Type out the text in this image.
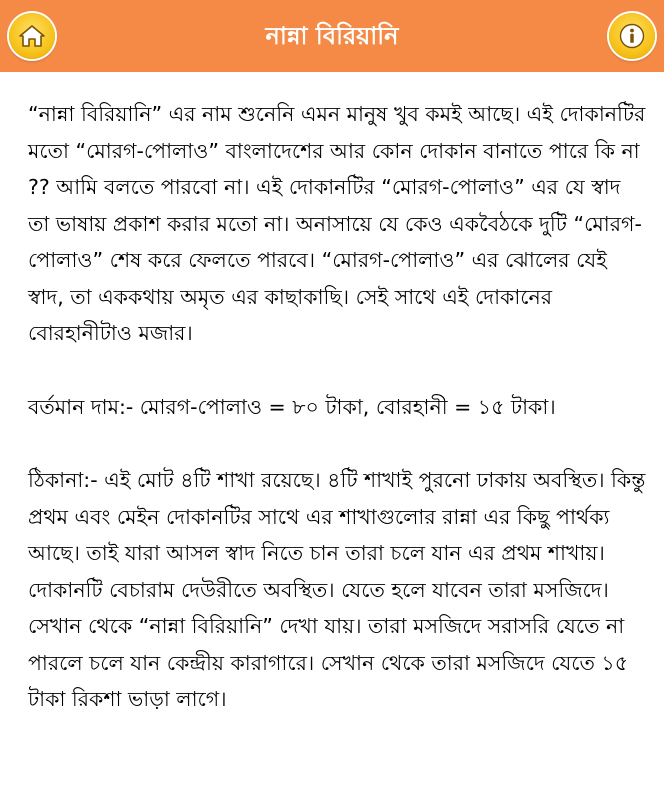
নান্না বিরিয়ানি

“নান্না বিরিয়ানি” এর নাম শুনেনি এমন মানুষ খুব কমই আছে। এই দোকানটির মতো “মোরগ-পোলাও” বাংলাদেশের আর কোন দোকান বানাতে পারে কি না ?? আমি বলতে পারবো না। এই দোকানটির “মোরগ-পোলাও” এর যে স্বাদ তা ভাষায় প্রকাশ করার মতো না। অনাসায়ে যে কেও একবৈঠকে দুটি “মোরগ-পোলাও” শেষ করে ফেলতে পারবে। “মোরগ-পোলাও” এর ঝোলের যেই স্বাদ, তা এককথায় অমৃত এর কাছাকাছি। সেই সাথে এই দোকানের বোরহানীটাও মজার।

বর্তমান দাম:- মোরগ-পোলাও = ৮০ টাকা, বোরহানী = ১৫ টাকা।

ঠিকানা:- এই মোট ৪টি শাখা রয়েছে। ৪টি শাখাই পুরনো ঢাকায় অবস্থিত। কিন্তু প্রথম এবং মেইন দোকানটির সাথে এর শাখাগুলোর রান্না এর কিছু পার্থক্য আছে। তাই যারা আসল স্বাদ নিতে চান তারা চলে যান এর প্রথম শাখায়। দোকানটি বেচারাম দেউরীতে অবস্থিত। যেতে হলে যাবেন তারা মসজিদে। সেখান থেকে “নান্না বিরিয়ানি” দেখা যায়। তারা মসজিদে সরাসরি যেতে না পারলে চলে যান কেন্দ্রীয় কারাগারে। সেখান থেকে তারা মসজিদে যেতে ১৫ টাকা রিকশা ভাড়া লাগে।
